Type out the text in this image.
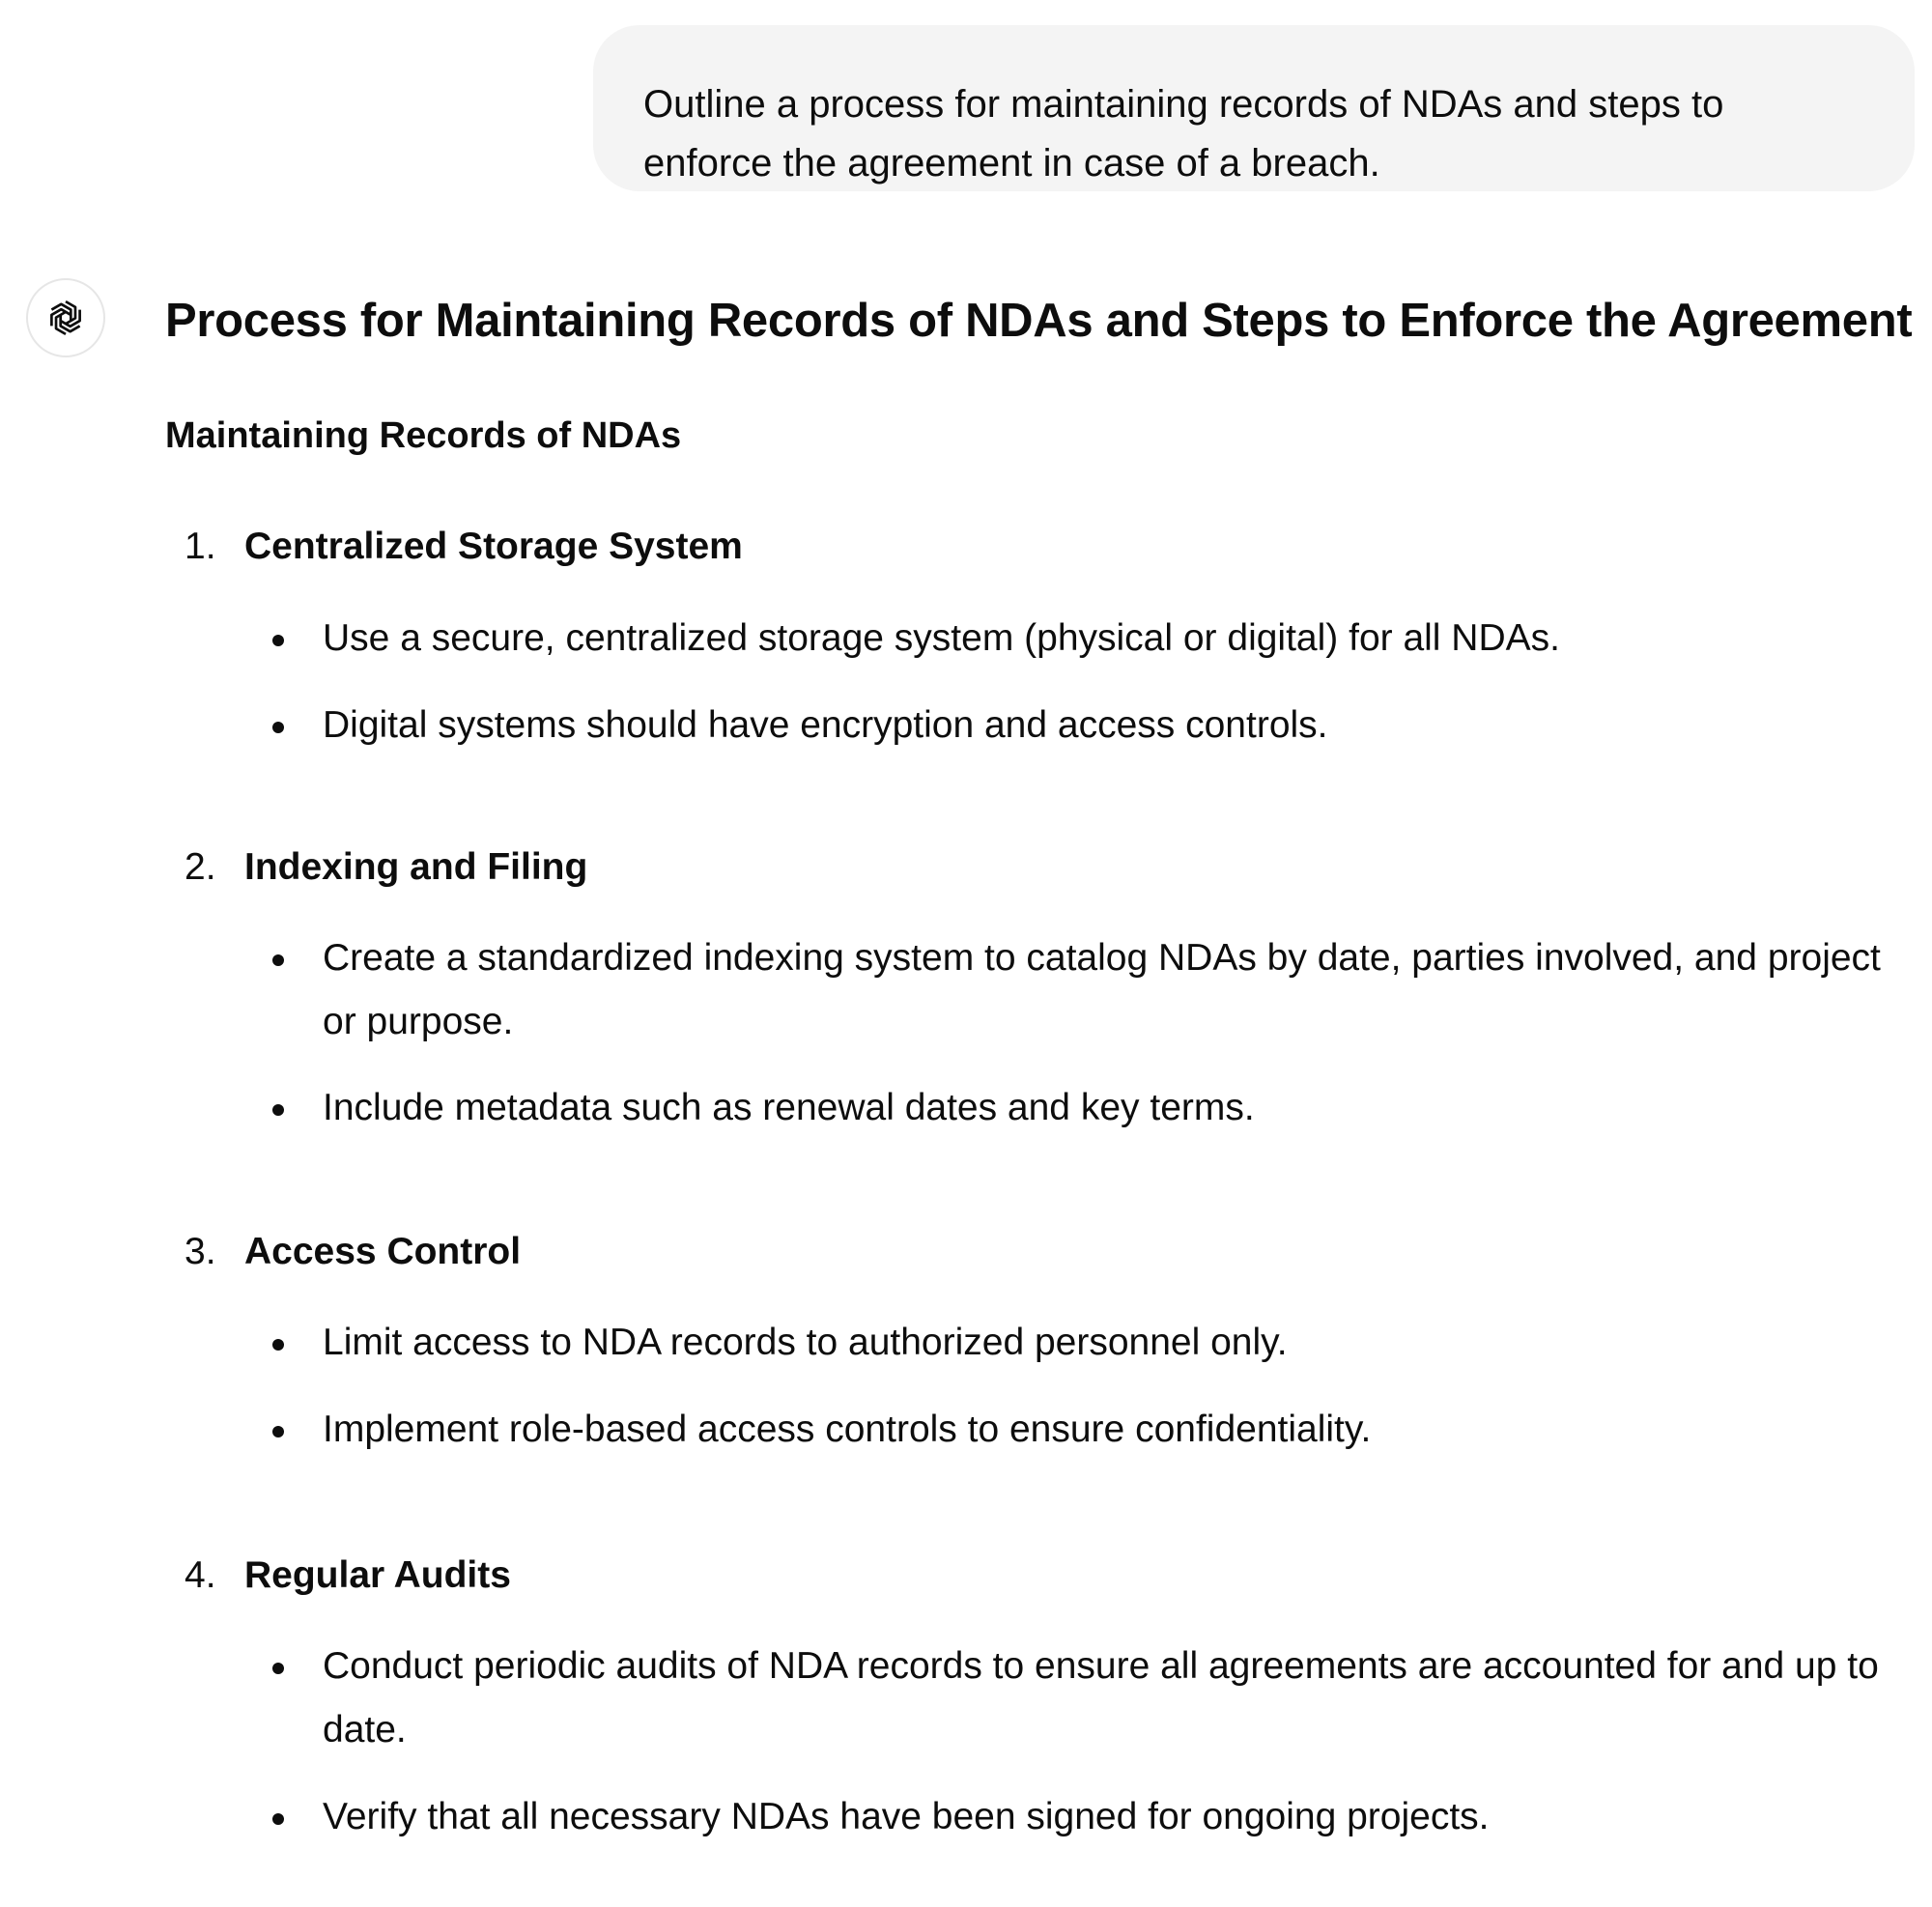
Outline a process for maintaining records of NDAs and steps to enforce the agreement in case of a breach.
Process for Maintaining Records of NDAs and Steps to Enforce the Agreement
Maintaining Records of NDAs
1. Centralized Storage System
Use a secure, centralized storage system (physical or digital) for all NDAs.
Digital systems should have encryption and access controls.
2. Indexing and Filing
Create a standardized indexing system to catalog NDAs by date, parties involved, and project or purpose.
Include metadata such as renewal dates and key terms.
3. Access Control
Limit access to NDA records to authorized personnel only.
Implement role-based access controls to ensure confidentiality.
4. Regular Audits
Conduct periodic audits of NDA records to ensure all agreements are accounted for and up to date.
Verify that all necessary NDAs have been signed for ongoing projects.
